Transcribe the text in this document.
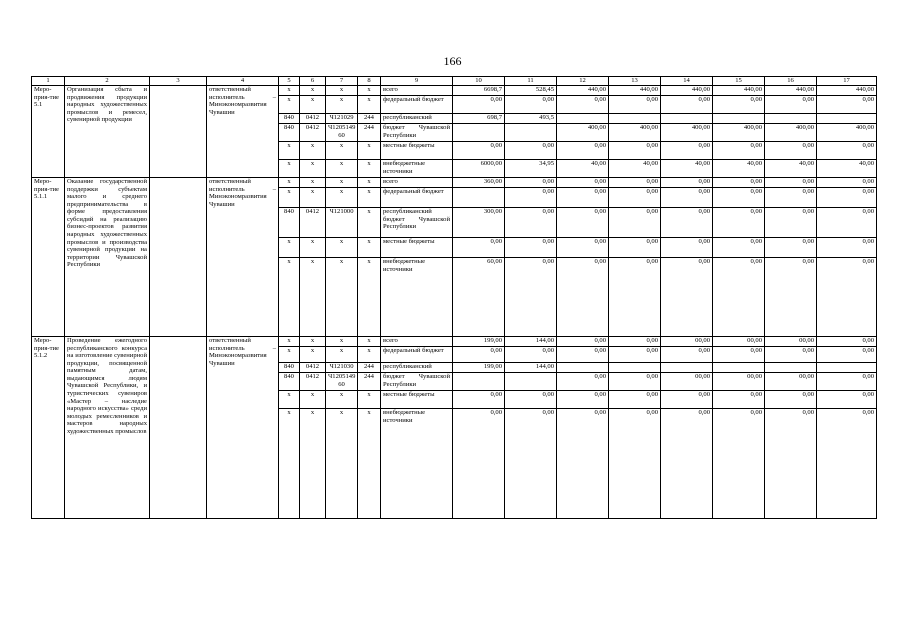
166
1	2	3	4	5	6	7	8	9	10	11	12	13	14	15	16	17
Меро-прия-тие 5.1	Организация сбыта и продвижения продукции народных художественных промыслов и ремесел, сувенирной продукции		ответственный исполнитель – Минэкономразвития Чувашии	x	x	x	x	всего	6698,7	528,45	440,00	440,00	440,00	440,00	440,00	440,00
				x	x	x	x	федеральный бюджет	0,00	0,00	0,00	0,00	0,00	0,00	0,00	0,00
				840	0412	Ч121029	244	республиканский	698,7	493,5						
				840	0412	Ч1205149 60	244	бюджет Чувашской Республики			400,00	400,00	400,00	400,00	400,00	400,00
				x	x	x	x	местные бюджеты	0,00	0,00	0,00	0,00	0,00	0,00	0,00	0,00
				x	x	x	x	внебюджетные источники	6000,00	34,95	40,00	40,00	40,00	40,00	40,00	40,00
Меро-прия-тие 5.1.1	Оказание государственной поддержки субъектам малого и среднего предпринимательства в форме предоставления субсидий на реализацию бизнес-проектов развития народных художественных промыслов и производства сувенирной продукции на территории Чувашской Республики		ответственный исполнитель – Минэкономразвития Чувашии	x	x	x	x	всего	360,00	0,00	0,00	0,00	0,00	0,00	0,00	0,00
				x	x	x	x	федеральный бюджет		0,00	0,00	0,00	0,00	0,00	0,00	0,00
				840	0412	Ч121000	x	республиканский бюджет Чувашской Республики	300,00	0,00	0,00	0,00	0,00	0,00	0,00	0,00
				x	x	x	x	местные бюджеты	0,00	0,00	0,00	0,00	0,00	0,00	0,00	0,00
				x	x	x	x	внебюджетные источники	60,00	0,00	0,00	0,00	0,00	0,00	0,00	0,00
Меро-прия-тие 5.1.2	Проведение ежегодного республиканского конкурса на изготовление сувенирной продукции, посвященной памятным датам, выдающимся людям Чувашской Республики, и туристических сувениров «Мастер – наследие народного искусства» среди молодых ремесленников и мастеров народных художественных промыслов		ответственный исполнитель – Минэкономразвития Чувашии	x	x	x	x	всего	199,00	144,00	0,00	0,00	00,00	00,00	00,00	0,00
				x	x	x	x	федеральный бюджет	0,00	0,00	0,00	0,00	0,00	0,00	0,00	0,00
				840	0412	Ч121030	244	республиканский	199,00	144,00						
				840	0412	Ч1205149 60	244	бюджет Чувашской Республики			0,00	0,00	00,00	00,00	00,00	0,00
				x	x	x	x	местные бюджеты	0,00	0,00	0,00	0,00	0,00	0,00	0,00	0,00
				x	x	x	x	внебюджетные источники	0,00	0,00	0,00	0,00	0,00	0,00	0,00	0,00
